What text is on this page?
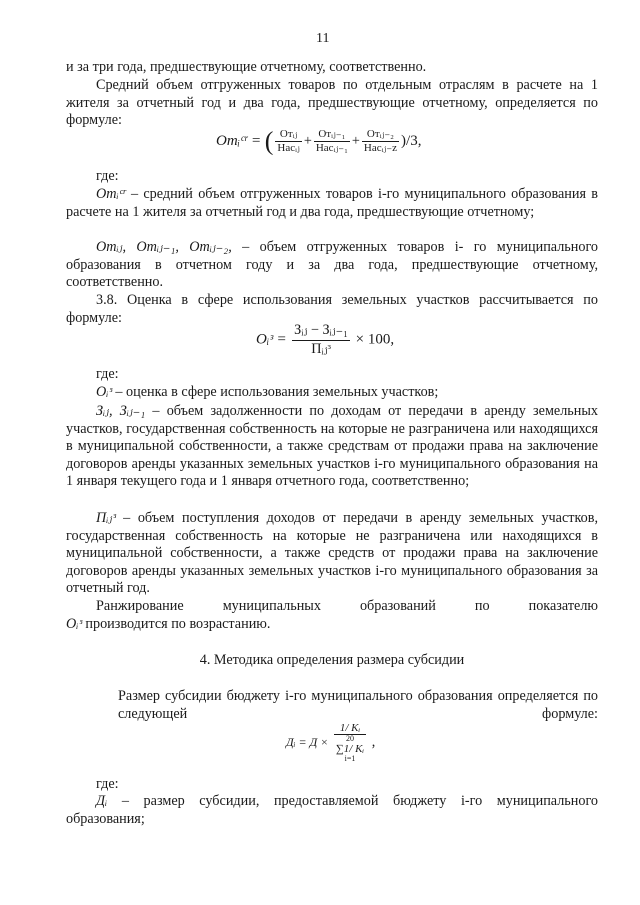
11

и за три года, предшествующие отчетному, соответственно.

Средний объем отгруженных товаров по отдельным отраслям в расчете на 1 жителя за отчетный год и два года, предшествующие отчетному, определяется по формуле:

Отᵢᶜʳ = ( $\frac{\text{Отᵢⱼ}}{\text{Насᵢⱼ}} + \frac{\text{Отᵢⱼ₋₁}}{\text{Насᵢⱼ₋₁}} + \frac{\text{Отᵢⱼ₋₂}}{\text{Насᵢⱼ₋z}} )/3$,

где:

Отᵢᶜʳ – средний объем отгруженных товаров i-го муниципального образования в расчете на 1 жителя за отчетный год и два года, предшествующие отчетному;

Отᵢⱼ, Отᵢⱼ₋₁, Отᵢⱼ₋₂, – объем отгруженных товаров i- го муниципального образования в отчетном году и за два года, предшествующие отчетному, соответственно.

3.8. Оценка в сфере использования земельных участков рассчитывается по формуле:

Оᵢᶟ = $\frac{\text{Зᵢⱼ − Зᵢⱼ₋₁}}{\text{Пᵢⱼᶟ}} \times 100$,

где:

Оᵢᶟ – оценка в сфере использования земельных участков;

Зᵢⱼ, Зᵢⱼ₋₁ – объем задолженности по доходам от передачи в аренду земельных участков, государственная собственность на которые не разграничена или находящихся в муниципальной собственности, а также средствам от продажи права на заключение договоров аренды указанных земельных участков i-го муниципального образования на 1 января текущего года и 1 января отчетного года, соответственно;

Пᵢⱼᶟ – объем поступления доходов от передачи в аренду земельных участков, государственная собственность на которые не разграничена или находящихся в муниципальной собственности, а также средств от продажи права на заключение договоров аренды указанных земельных участков i-го муниципального образования за отчетный год.

Ранжирование муниципальных образований по показателю
Оᵢᶟ производится по возрастанию.

4. Методика определения размера субсидии

Размер субсидии бюджету i-го муниципального образования определяется по следующей формуле:

Дᵢ = Д ×
1/ Kᵢ
20
∑1/ Kᵢ
i=1
,

где:

Дᵢ – размер субсидии, предоставляемой бюджету i-го муниципального образования;
